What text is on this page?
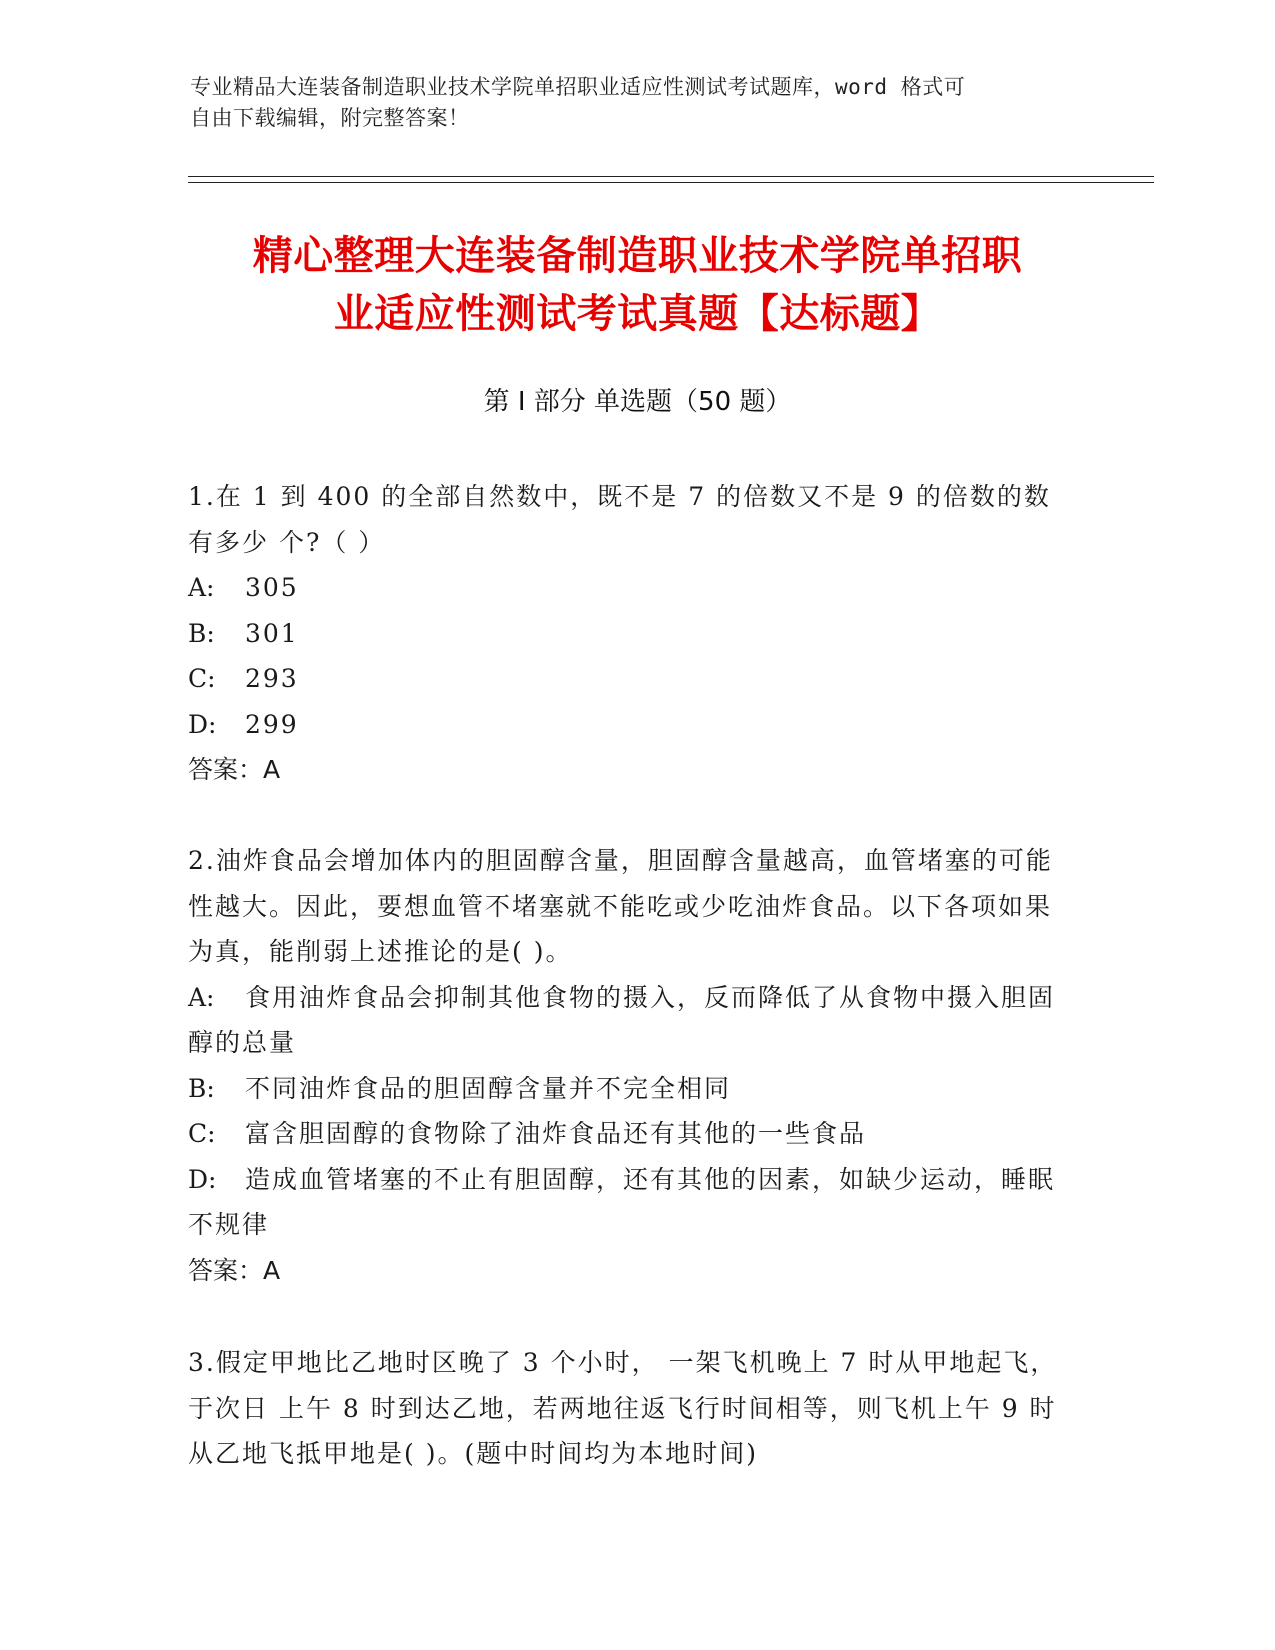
专业精品大连装备制造职业技术学院单招职业适应性测试考试题库，word 格式可
自由下载编辑，附完整答案！
精心整理大连装备制造职业技术学院单招职
业适应性测试考试真题【达标题】
第 I 部分 单选题（50 题）

1.在 1 到 400 的全部自然数中，既不是 7 的倍数又不是 9 的倍数的数有多少 个?（ ）

A:	305

B:	301

C:	293

D:	299

答案：A

2.油炸食品会增加体内的胆固醇含量，胆固醇含量越高，血管堵塞的可能性越大。因此，要想血管不堵塞就不能吃或少吃油炸食品。以下各项如果为真，能削弱上述推论的是( )。

A: 食用油炸食品会抑制其他食物的摄入，反而降低了从食物中摄入胆固醇的总量

B:	不同油炸食品的胆固醇含量并不完全相同

C:	富含胆固醇的食物除了油炸食品还有其他的一些食品

D: 造成血管堵塞的不止有胆固醇，还有其他的因素，如缺少运动，睡眠不规律

答案：A

3.假定甲地比乙地时区晚了 3 个小时， 一架飞机晚上 7 时从甲地起飞，于次日 上午 8 时到达乙地，若两地往返飞行时间相等，则飞机上午 9 时从乙地飞抵甲地是( )。(题中时间均为本地时间)
